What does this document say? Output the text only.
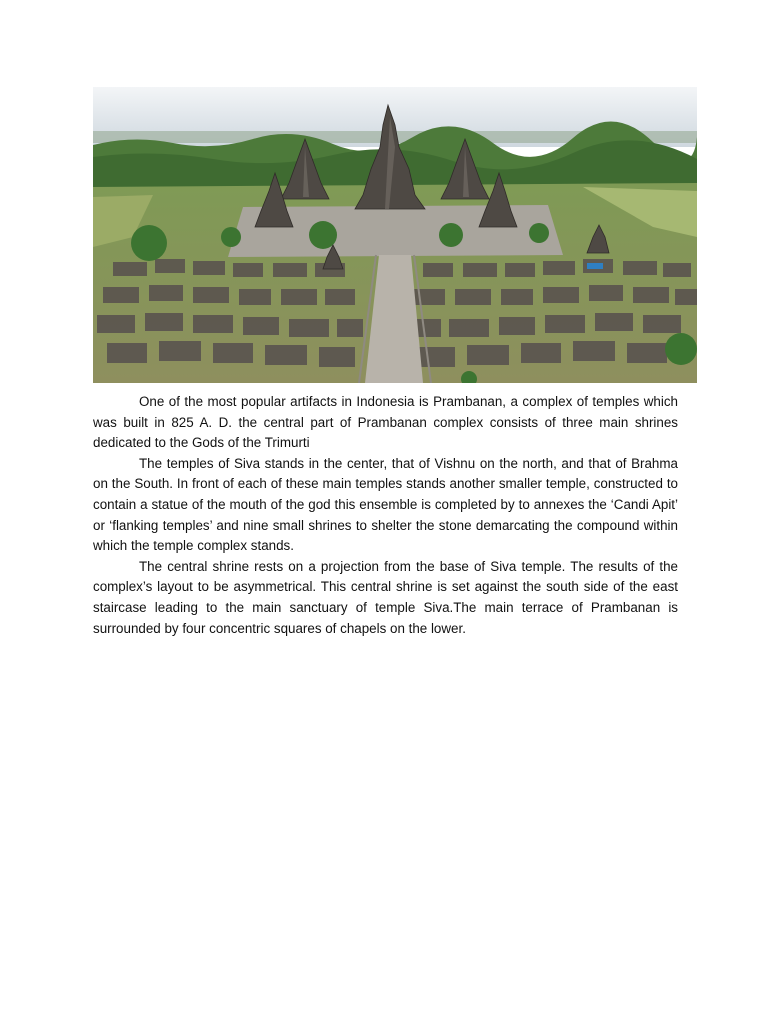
One of the most popular artifacts in Indonesia is Prambanan, a complex of temples which was built in 825 A. D. the central part of Prambanan complex consists of three main shrines dedicated to the Gods of the Trimurti

The temples of Siva stands in the center, that of Vishnu on the north, and that of Brahma on the South. In front of each of these main temples stands another smaller temple, constructed to contain a statue of the mouth of the god this ensemble is completed by to annexes the ‘Candi Apit’ or ‘flanking temples’ and nine small shrines to shelter the stone demarcating the compound within which the temple complex stands.

The central shrine rests on a projection from the base of Siva temple. The results of the complex’s layout to be asymmetrical. This central shrine is set against the south side of the east staircase leading to the main sanctuary of temple Siva.The main terrace of Prambanan is surrounded by four concentric squares of chapels on the lower.
